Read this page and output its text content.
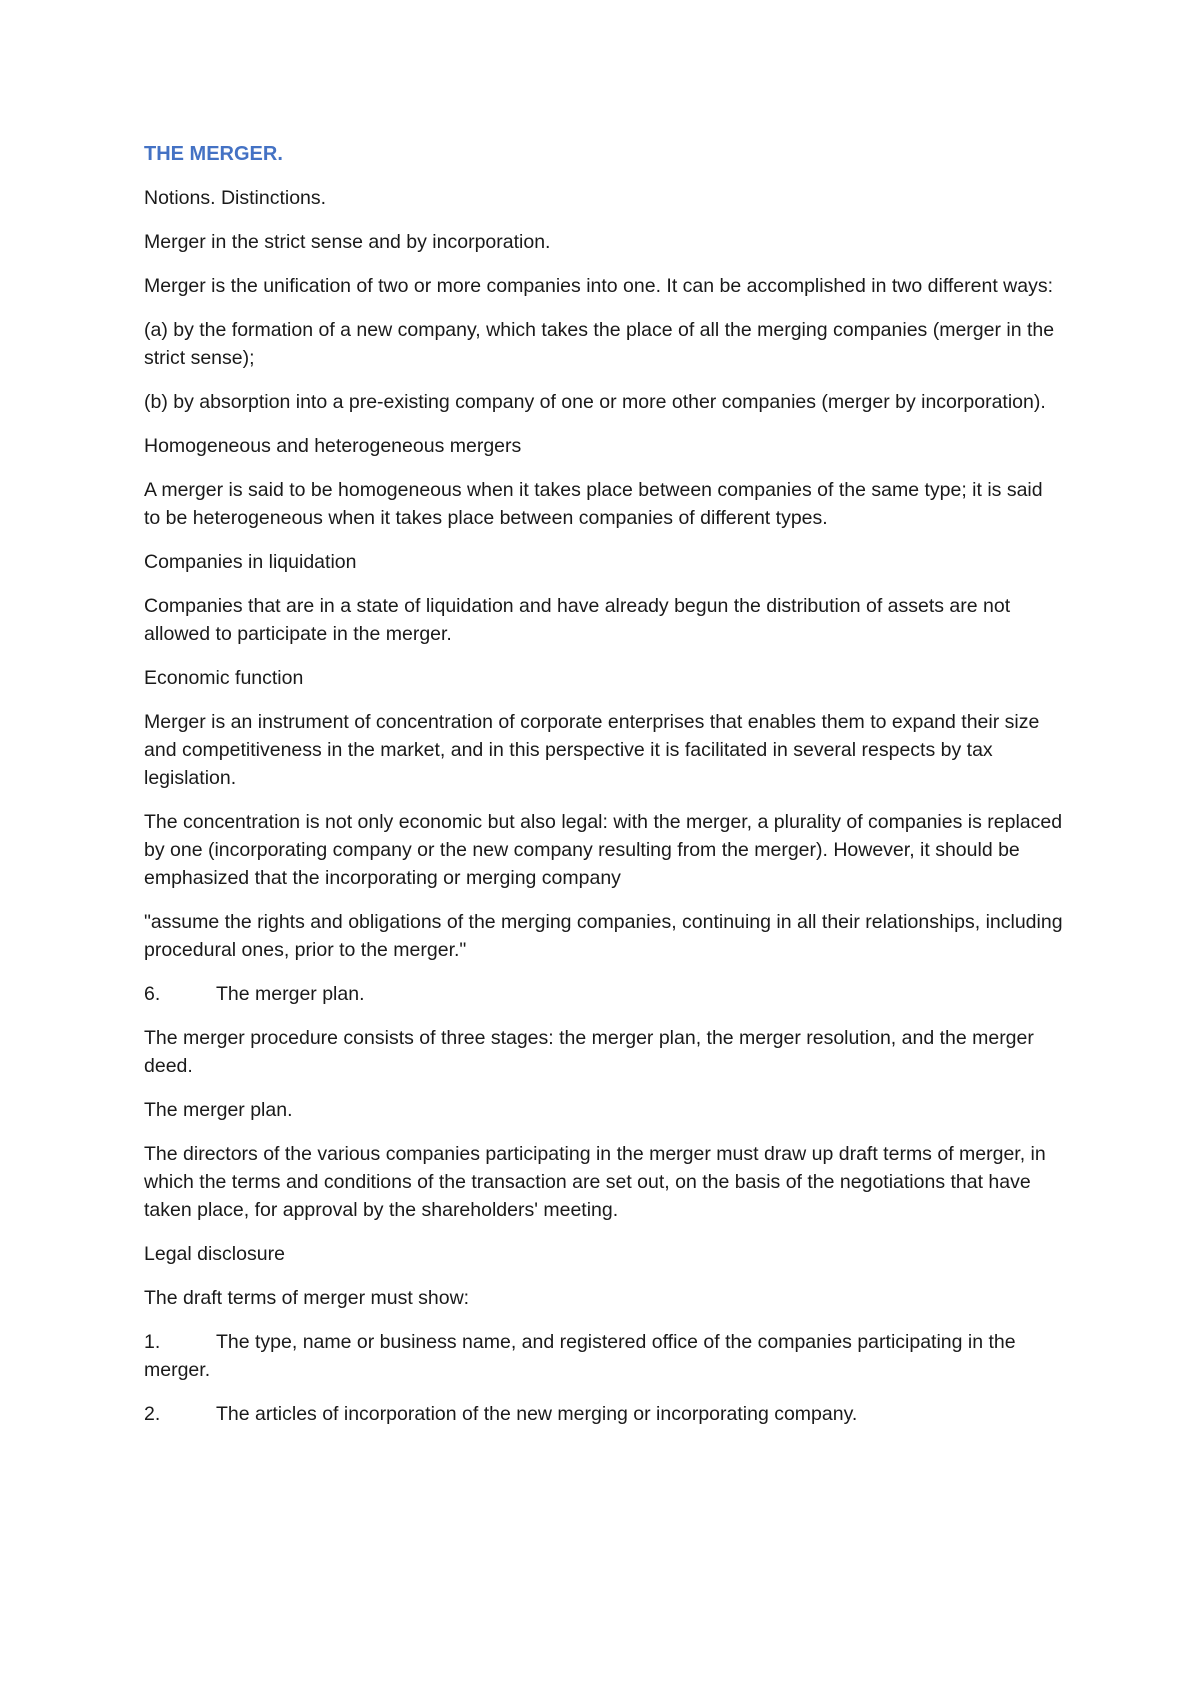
THE MERGER.

Notions. Distinctions.

Merger in the strict sense and by incorporation.

Merger is the unification of two or more companies into one. It can be accomplished in two different ways:

(a) by the formation of a new company, which takes the place of all the merging companies (merger in the strict sense);

(b) by absorption into a pre-existing company of one or more other companies (merger by incorporation).

Homogeneous and heterogeneous mergers

A merger is said to be homogeneous when it takes place between companies of the same type; it is said to be heterogeneous when it takes place between companies of different types.

Companies in liquidation

Companies that are in a state of liquidation and have already begun the distribution of assets are not allowed to participate in the merger.

Economic function

Merger is an instrument of concentration of corporate enterprises that enables them to expand their size and competitiveness in the market, and in this perspective it is facilitated in several respects by tax legislation.

The concentration is not only economic but also legal: with the merger, a plurality of companies is replaced by one (incorporating company or the new company resulting from the merger). However, it should be emphasized that the incorporating or merging company

"assume the rights and obligations of the merging companies, continuing in all their relationships, including procedural ones, prior to the merger."

6.	The merger plan.

The merger procedure consists of three stages: the merger plan, the merger resolution, and the merger deed.

The merger plan.

The directors of the various companies participating in the merger must draw up draft terms of merger, in which the terms and conditions of the transaction are set out, on the basis of the negotiations that have taken place, for approval by the shareholders' meeting.

Legal disclosure

The draft terms of merger must show:

1.	The type, name or business name, and registered office of the companies participating in the merger.

2.	The articles of incorporation of the new merging or incorporating company.
